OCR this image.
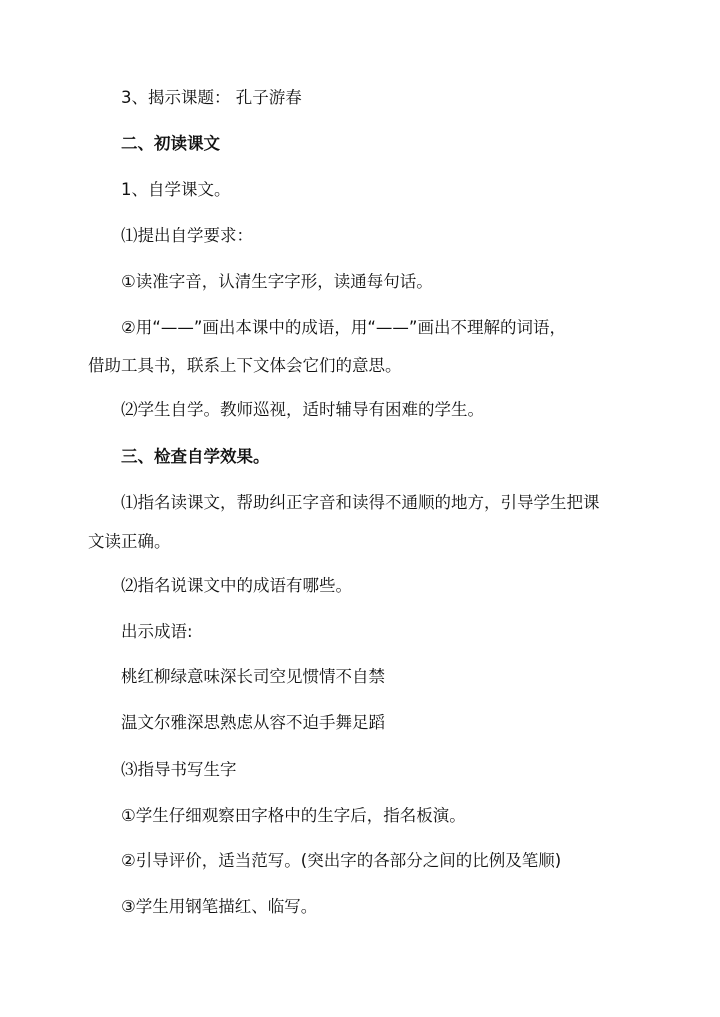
3、揭示课题： 孔子游春
二、初读课文
1、自学课文。
⑴提出自学要求：
①读准字音，认清生字字形，读通每句话。
②用“——”画出本课中的成语，用“——”画出不理解的词语，
借助工具书，联系上下文体会它们的意思。
⑵学生自学。教师巡视，适时辅导有困难的学生。
三、检查自学效果。
⑴指名读课文，帮助纠正字音和读得不通顺的地方，引导学生把课
文读正确。
⑵指名说课文中的成语有哪些。
出示成语:
桃红柳绿意味深长司空见惯情不自禁
温文尔雅深思熟虑从容不迫手舞足蹈
⑶指导书写生字
①学生仔细观察田字格中的生字后，指名板演。
②引导评价，适当范写。(突出字的各部分之间的比例及笔顺)
③学生用钢笔描红、临写。
